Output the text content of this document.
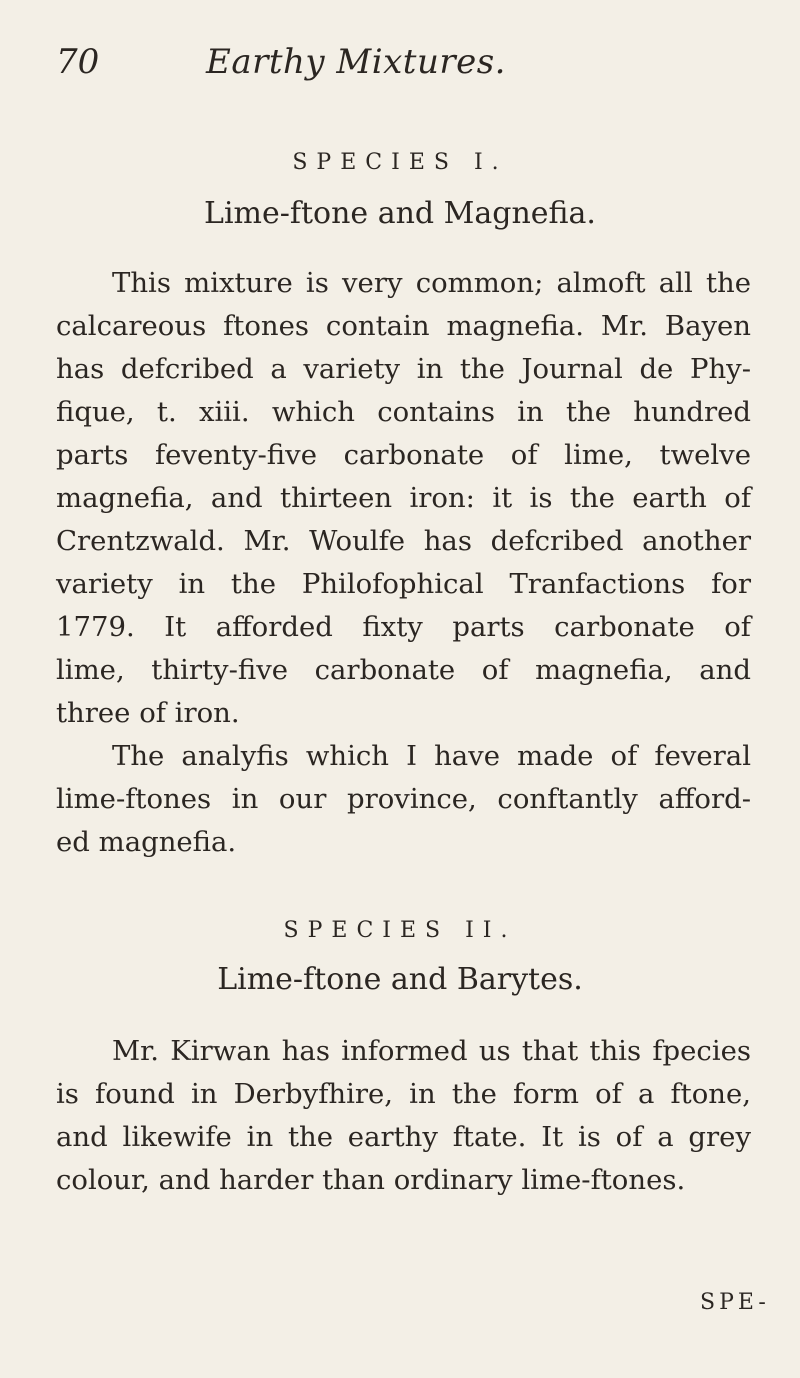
70	Earthy Mixtures.
SPECIES I.
Lime-ftone and Magnefia.

This mixture is very common; almoft all the
calcareous ftones contain magnefia. Mr. Bayen
has defcribed a variety in the Journal de Phy-
fique, t. xiii. which contains in the hundred
parts feventy-five carbonate of lime, twelve
magnefia, and thirteen iron: it is the earth of
Crentzwald. Mr. Woulfe has defcribed another
variety in the Philofophical Tranfactions for
1779. It afforded fixty parts carbonate of
lime, thirty-five carbonate of magnefia, and
three of iron.

The analyfis which I have made of feveral
lime-ftones in our province, conftantly afford-
ed magnefia.

SPECIES II.
Lime-ftone and Barytes.

Mr. Kirwan has informed us that this fpecies
is found in Derbyfhire, in the form of a ftone,
and likewife in the earthy ftate. It is of a grey
colour, and harder than ordinary lime-ftones.

SPE-
